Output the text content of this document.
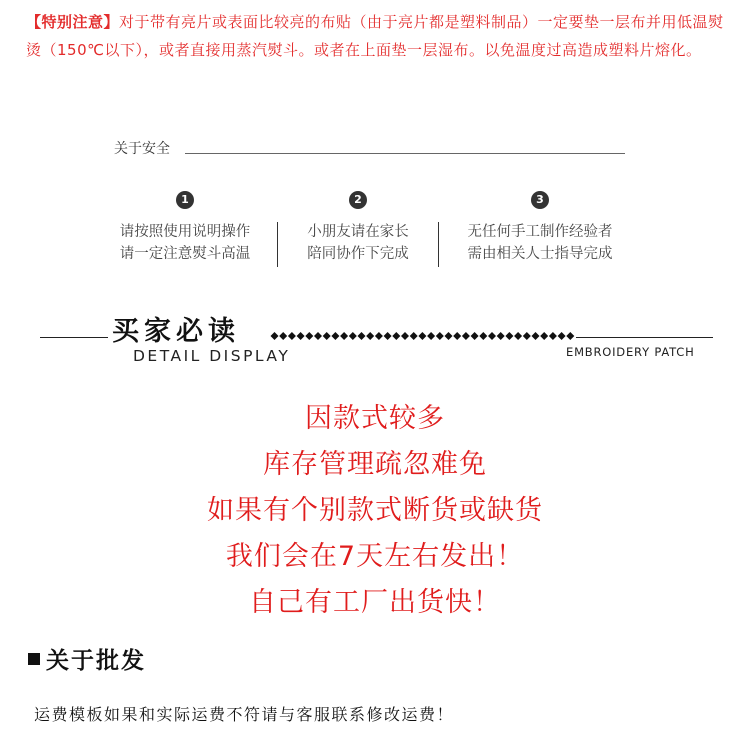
【特别注意】对于带有亮片或表面比较亮的布贴（由于亮片都是塑料制品）一定要垫一层布并用低温熨烫（150℃以下），或者直接用蒸汽熨斗。或者在上面垫一层湿布。以免温度过高造成塑料片熔化。

关于安全
1
请按照使用说明操作
请一定注意熨斗高温
2
小朋友请在家长
陪同协作下完成
3
无任何手工制作经验者
需由相关人士指导完成
买家必读
DETAIL DISPLAY	EMBROIDERY PATCH
因款式较多
库存管理疏忽难免
如果有个别款式断货或缺货
我们会在7天左右发出！
自己有工厂出货快！
关于批发
运费模板如果和实际运费不符请与客服联系修改运费！
